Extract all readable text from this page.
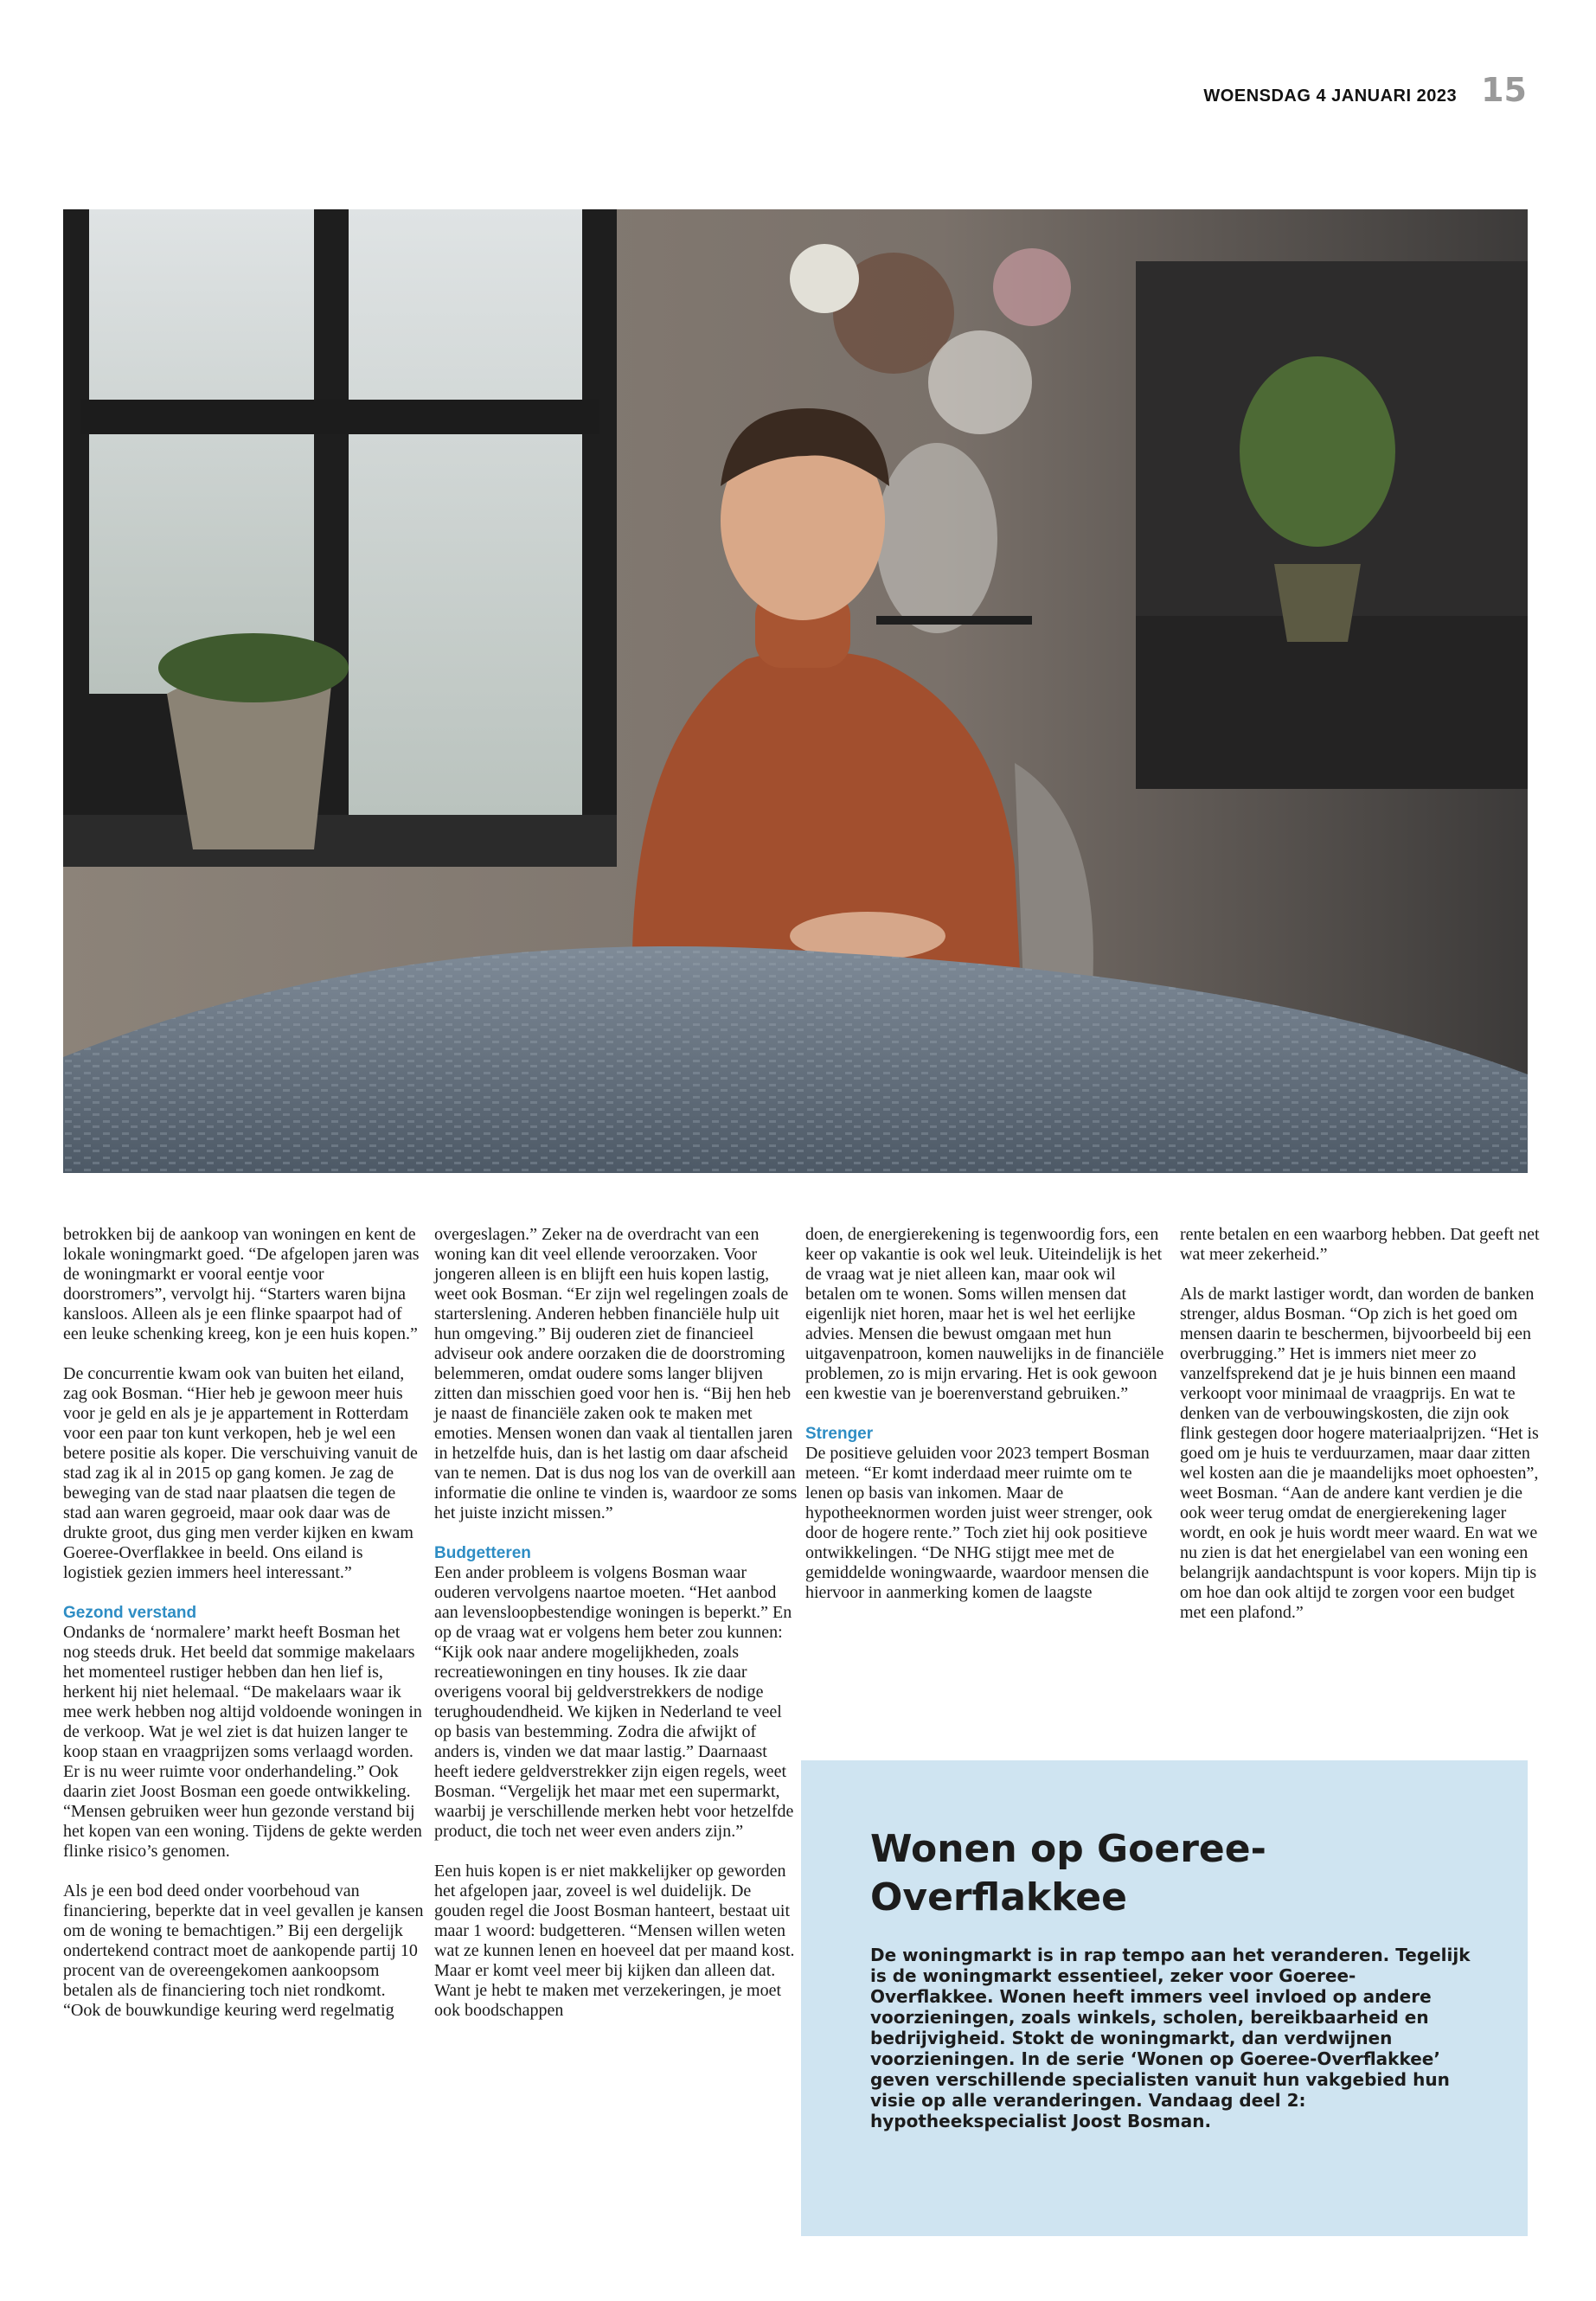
WOENSDAG 4 JANUARI 2023 15

betrokken bij de aankoop van woningen en kent de lokale woningmarkt goed. “De afgelopen jaren was de woningmarkt er vooral eentje voor doorstromers”, vervolgt hij. “Starters waren bijna kansloos. Alleen als je een flinke spaarpot had of een leuke schenking kreeg, kon je een huis kopen.”

De concurrentie kwam ook van buiten het eiland, zag ook Bosman. “Hier heb je gewoon meer huis voor je geld en als je je appartement in Rotterdam voor een paar ton kunt verkopen, heb je wel een betere positie als koper. Die verschuiving vanuit de stad zag ik al in 2015 op gang komen. Je zag de beweging van de stad naar plaatsen die tegen de stad aan waren gegroeid, maar ook daar was de drukte groot, dus ging men verder kijken en kwam Goeree-Overflakkee in beeld. Ons eiland is logistiek gezien immers heel interessant.”

Gezond verstand

Ondanks de ‘normalere’ markt heeft Bosman het nog steeds druk. Het beeld dat sommige makelaars het momenteel rustiger hebben dan hen lief is, herkent hij niet helemaal. “De makelaars waar ik mee werk hebben nog altijd voldoende woningen in de verkoop. Wat je wel ziet is dat huizen langer te koop staan en vraagprijzen soms verlaagd worden. Er is nu weer ruimte voor onderhandeling.” Ook daarin ziet Joost Bosman een goede ontwikkeling. “Mensen gebruiken weer hun gezonde verstand bij het kopen van een woning. Tijdens de gekte werden flinke risico’s genomen.

Als je een bod deed onder voorbehoud van financiering, beperkte dat in veel gevallen je kansen om de woning te bemachtigen.” Bij een dergelijk ondertekend contract moet de aankopende partij 10 procent van de overeengekomen aankoopsom betalen als de financiering toch niet rondkomt. “Ook de bouwkundige keuring werd regelmatig

overgeslagen.” Zeker na de overdracht van een woning kan dit veel ellende veroorzaken. Voor jongeren alleen is en blijft een huis kopen lastig, weet ook Bosman. “Er zijn wel regelingen zoals de starterslening. Anderen hebben financiële hulp uit hun omgeving.” Bij ouderen ziet de financieel adviseur ook andere oorzaken die de doorstroming belemmeren, omdat oudere soms langer blijven zitten dan misschien goed voor hen is. “Bij hen heb je naast de financiële zaken ook te maken met emoties. Mensen wonen dan vaak al tientallen jaren in hetzelfde huis, dan is het lastig om daar afscheid van te nemen. Dat is dus nog los van de overkill aan informatie die online te vinden is, waardoor ze soms het juiste inzicht missen.”

Budgetteren

Een ander probleem is volgens Bosman waar ouderen vervolgens naartoe moeten. “Het aanbod aan levensloopbestendige woningen is beperkt.” En op de vraag wat er volgens hem beter zou kunnen: “Kijk ook naar andere mogelijkheden, zoals recreatiewoningen en tiny houses. Ik zie daar overigens vooral bij geldverstrekkers de nodige terughoudendheid. We kijken in Nederland te veel op basis van bestemming. Zodra die afwijkt of anders is, vinden we dat maar lastig.” Daarnaast heeft iedere geldverstrekker zijn eigen regels, weet Bosman. “Vergelijk het maar met een supermarkt, waarbij je verschillende merken hebt voor hetzelfde product, die toch net weer even anders zijn.”

Een huis kopen is er niet makkelijker op geworden het afgelopen jaar, zoveel is wel duidelijk. De gouden regel die Joost Bosman hanteert, bestaat uit maar 1 woord: budgetteren. “Mensen willen weten wat ze kunnen lenen en hoeveel dat per maand kost. Maar er komt veel meer bij kijken dan alleen dat. Want je hebt te maken met verzekeringen, je moet ook boodschappen

doen, de energierekening is tegenwoordig fors, een keer op vakantie is ook wel leuk. Uiteindelijk is het de vraag wat je niet alleen kan, maar ook wil betalen om te wonen. Soms willen mensen dat eigenlijk niet horen, maar het is wel het eerlijke advies. Mensen die bewust omgaan met hun uitgavenpatroon, komen nauwelijks in de financiële problemen, zo is mijn ervaring. Het is ook gewoon een kwestie van je boerenverstand gebruiken.”

Strenger

De positieve geluiden voor 2023 tempert Bosman meteen. “Er komt inderdaad meer ruimte om te lenen op basis van inkomen. Maar de hypotheeknormen worden juist weer strenger, ook door de hogere rente.” Toch ziet hij ook positieve ontwikkelingen. “De NHG stijgt mee met de gemiddelde woningwaarde, waardoor mensen die hiervoor in aanmerking komen de laagste

rente betalen en een waarborg hebben. Dat geeft net wat meer zekerheid.”

Als de markt lastiger wordt, dan worden de banken strenger, aldus Bosman. “Op zich is het goed om mensen daarin te beschermen, bijvoorbeeld bij een overbrugging.” Het is immers niet meer zo vanzelfsprekend dat je je huis binnen een maand verkoopt voor minimaal de vraagprijs. En wat te denken van de verbouwingskosten, die zijn ook flink gestegen door hogere materiaalprijzen. “Het is goed om je huis te verduurzamen, maar daar zitten wel kosten aan die je maandelijks moet ophoesten”, weet Bosman. “Aan de andere kant verdien je die ook weer terug omdat de energierekening lager wordt, en ook je huis wordt meer waard. En wat we nu zien is dat het energielabel van een woning een belangrijk aandachtspunt is voor kopers. Mijn tip is om hoe dan ook altijd te zorgen voor een budget met een plafond.”

Wonen op Goeree-Overflakkee

De woningmarkt is in rap tempo aan het veranderen. Tegelijk is de woningmarkt essentieel, zeker voor Goeree-Overflakkee. Wonen heeft immers veel invloed op andere voorzieningen, zoals winkels, scholen, bereikbaarheid en bedrijvigheid. Stokt de woningmarkt, dan verdwijnen voorzieningen. In de serie ‘Wonen op Goeree-Overflakkee’ geven verschillende specialisten vanuit hun vakgebied hun visie op alle veranderingen. Vandaag deel 2: hypotheekspecialist Joost Bosman.
